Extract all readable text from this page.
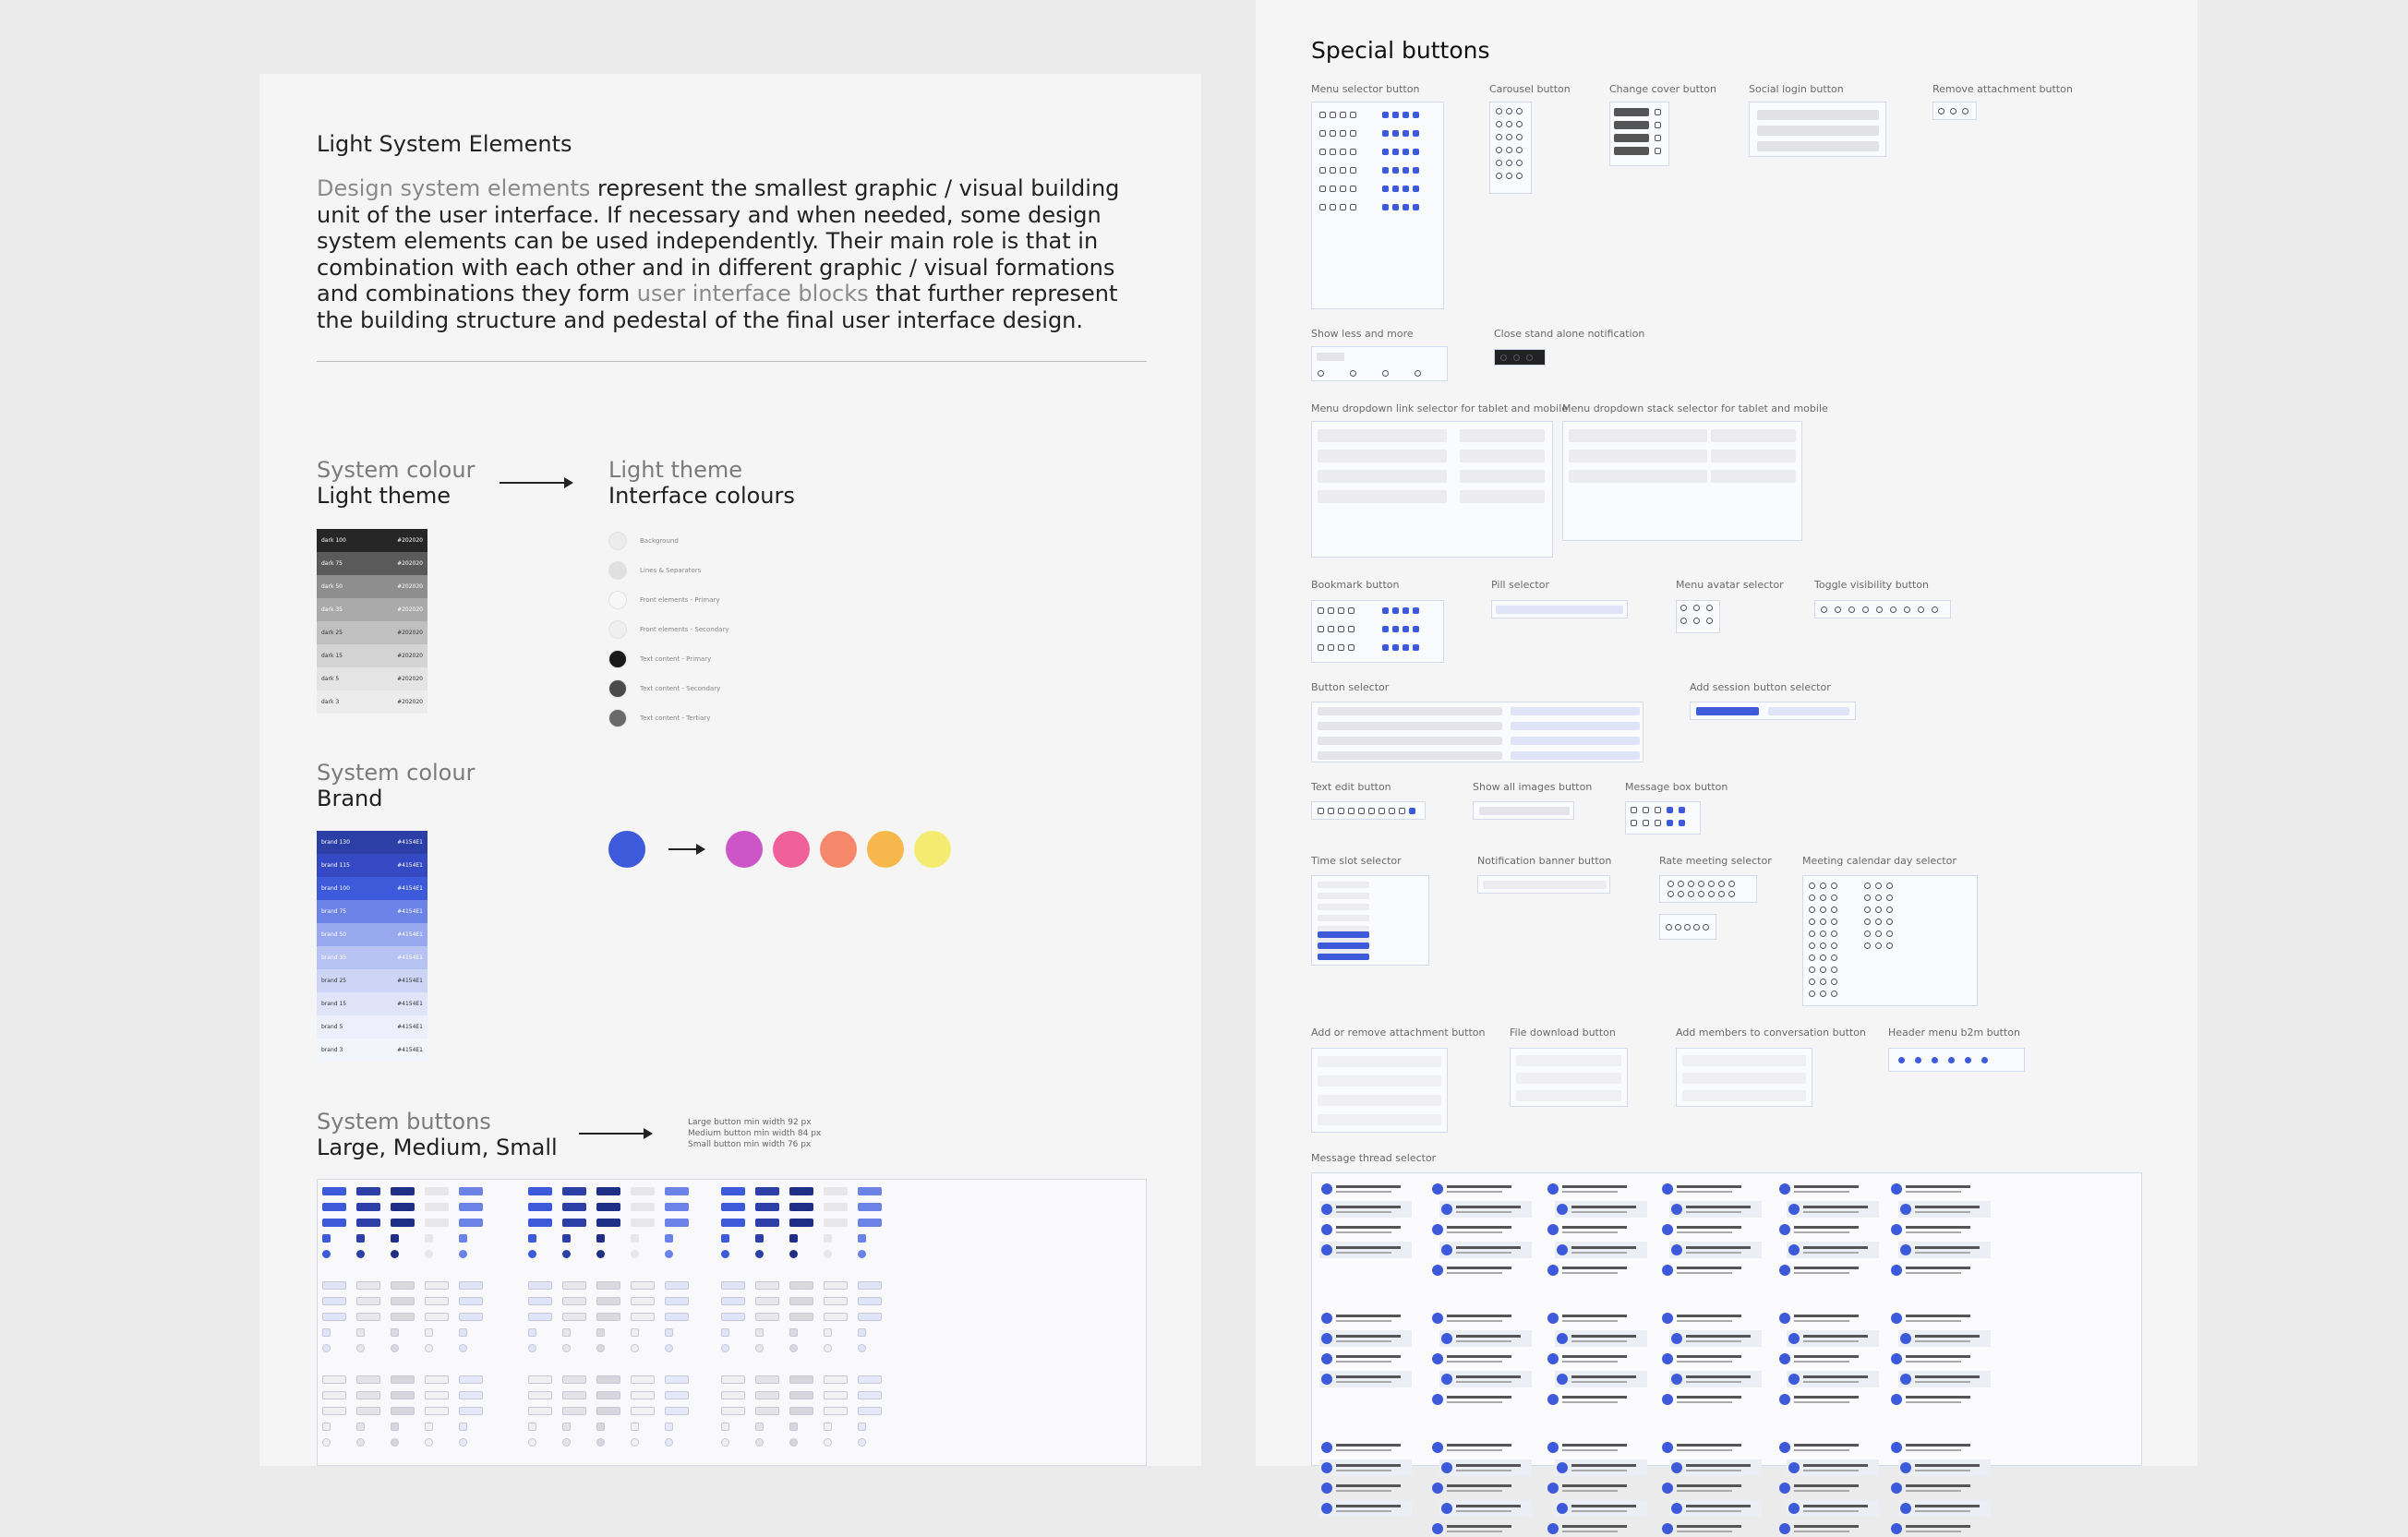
Light System Elements
Design system elements represent the smallest graphic / visual building unit of the user interface. If necessary and when needed, some design system elements can be used independently. Their main role is that in combination with each other and in different graphic / visual formations and combinations they form user interface blocks that further represent the building structure and pedestal of the final user interface design.
System colour
Light theme
Light theme
Interface colours
dark 100	#202020
dark 75	#202020
dark 50	#202020
dark 35	#202020
dark 25	#202020
dark 15	#202020
dark 5	#202020
dark 3	#202020
Background
Lines & Separators
Front elements - Primary
Front elements - Secondary
Text content - Primary
Text content - Secondary
Text content - Tertiary
System colour
Brand
brand 130	#4154E1
brand 115	#4154E1
brand 100	#4154E1
brand 75	#4154E1
brand 50	#4154E1
brand 35	#4154E1
brand 25	#4154E1
brand 15	#4154E1
brand 5	#4154E1
brand 3	#4154E1
System buttons
Large, Medium, Small
Large button min width 92 px
Medium button min width 84 px
Small button min width 76 px
Special buttons
Menu selector button	Carousel button	Change cover button	Social login button	Remove attachment button
Show less and more	Close stand alone notification
Menu dropdown link selector for tablet and mobile
Menu dropdown stack selector for tablet and mobile
Bookmark button	Pill selector	Menu avatar selector	Toggle visibility button
Button selector	Add session button selector
Text edit button	Show all images button	Message box button
Time slot selector	Notification banner button	Rate meeting selector	Meeting calendar day selector
Add or remove attachment button File download button	Add members to conversation button Header menu b2m button
Message thread selector
